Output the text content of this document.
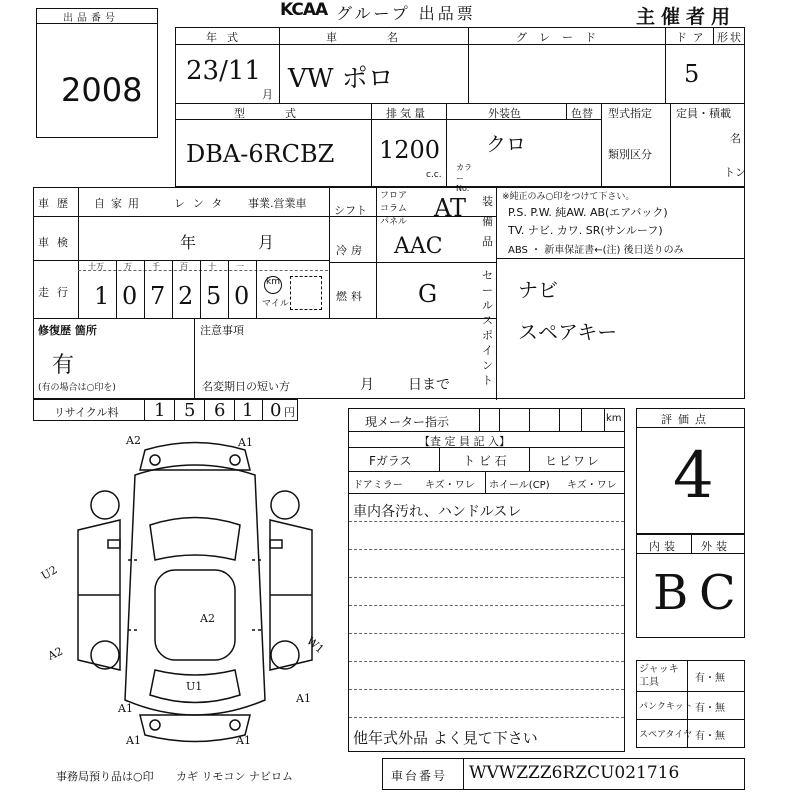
KCAA グループ 出品票	主催者用
出品番号
2008
年式	車名	グレード	ドア 形状
23/11
月
VW ポロ	5
型式
DBA-6RCBZ
排気量
1200
c.c.
外装色	色替
クロ
カラー No.
型式指定
類別区分
定員・積載
名
トン
車歴 自家用	レンタ 事業.営業車
車検	年	月
走行
十万	万	千	百	十	一
1 0 7 2 5 0 km
マイル
シフト
フロア
コラム
パネル AT
冷房 AAC
燃料 G
装備品
※純正のみ○印をつけて下さい。
P.S. P.W. 純AW. AB(エアバック)
TV. ナビ. カワ. SR(サンルーフ)
ABS ・ 新車保証書←(注) 後日送りのみ
セールスポイント
ナビ
スペアキー
修復歴 箇所
有
(有の場合は○印を)
注意事項
名変期日の短い方	月 日まで
リサイクル料 1 5 6 1 0 円
A2	A1
U2
A2
A2
U1
A1
A1	A1
W1
A1
現メーター指示	km
【査 定 員 記 入】
Fガラス	ト ビ 石	ヒビワレ
ドアミラー キズ・ワレ ホイール(CP) キズ・ワレ
車内各汚れ、ハンドルスレ
他年式外品 よく見て下さい
評価点
4
内装 外装
B C
ジャッキ工具	有・無
パンクキット 有・無
スペアタイヤ 有・無
事務局預り品は○印 カギ リモコン ナビロム	車台番号 WVWZZZ6RZCU021716
